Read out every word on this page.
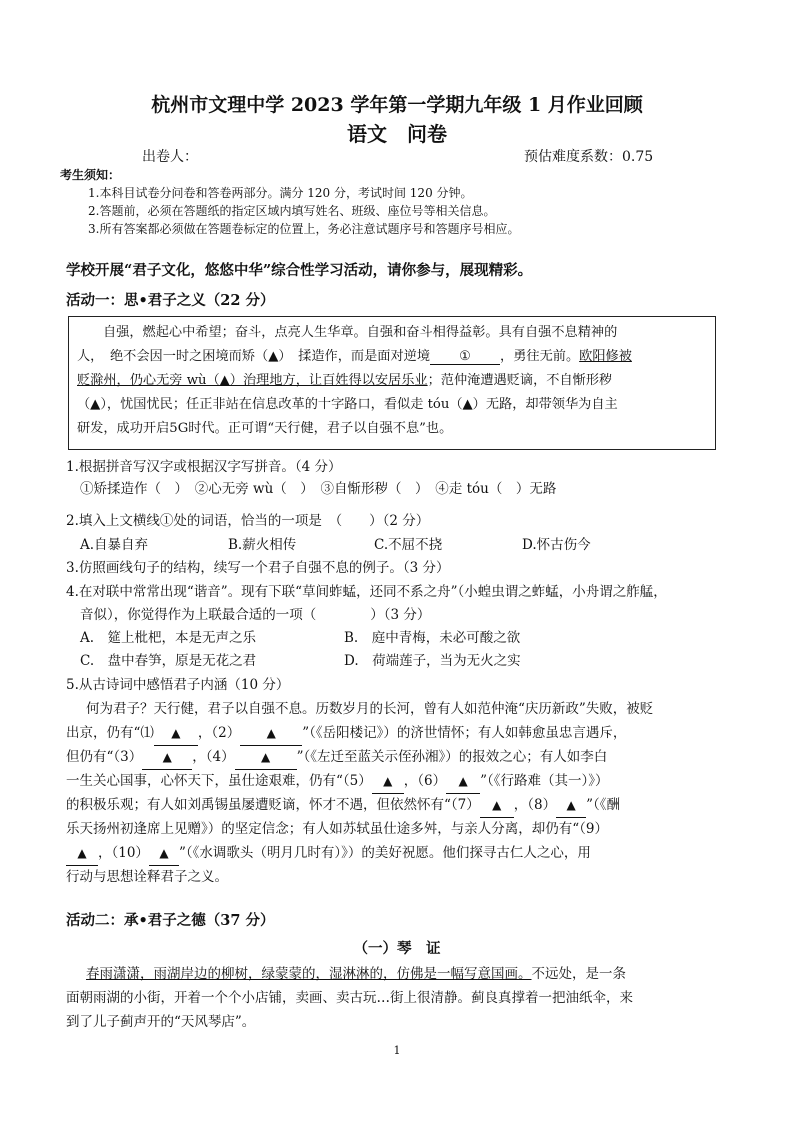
杭州市文理中学 2023 学年第一学期九年级 1 月作业回顾
语文　问卷
出卷人：	预估难度系数：0.75
考生须知：
1.本科目试卷分问卷和答卷两部分。满分 120 分，考试时间 120 分钟。
2.答题前，必须在答题纸的指定区域内填写姓名、班级、座位号等相关信息。
3.所有答案都必须做在答题卷标定的位置上，务必注意试题序号和答题序号相应。
学校开展“君子文化，悠悠中华”综合性学习活动，请你参与，展现精彩。
活动一：思•君子之义（22 分）
自强，燃起心中希望；奋斗，点亮人生华章。自强和奋斗相得益彰。具有自强不息精神的
人，　绝不会因一时之困境而矫（▲）　揉造作，而是面对逆境 ① ，勇往无前。欧阳修被
贬滁州，仍心无旁 wù（▲）治理地方，让百姓得以安居乐业；范仲淹遭遇贬谪，不自惭形秽
（▲），忧国忧民；任正非站在信息改革的十字路口，看似走 tóu（▲）无路，却带领华为自主
研发，成功开启5G时代。正可谓“天行健，君子以自强不息”也。
1.根据拼音写汉字或根据汉字写拼音。（4 分）
①矫揉造作（　）　②心无旁 wù（　）　③自惭形秽（　）　④走 tóu（　）无路
2.填入上文横线①处的词语，恰当的一项是　（　　）（2 分）
A.自暴自弃	B.薪火相传	C.不屈不挠	D.怀古伤今
3.仿照画线句子的结构，续写一个君子自强不息的例子。（3 分）
4.在对联中常常出现“谐音”。现有下联“草间蚱蜢，还同不系之舟”（小蝗虫谓之蚱蜢，小舟谓之舴艋，
音似），你觉得作为上联最合适的一项（　　　　）（3 分）
A.　筵上枇杷，本是无声之乐	B.　庭中青梅，未必可酸之欲
C.　盘中春笋，原是无花之君	D.　荷端莲子，当为无火之实
5.从古诗词中感悟君子内涵（10 分）
何为君子？天行健，君子以自强不息。历数岁月的长河，曾有人如范仲淹“庆历新政”失败，被贬
出京，仍有“⑴ ▲ ，（2） ▲ ”（《岳阳楼记》）的济世情怀；有人如韩愈虽忠言遇斥，
但仍有“（3） ▲ ，（4） ▲ ”（《左迁至蓝关示侄孙湘》）的报效之心；有人如李白
一生关心国事，心怀天下，虽仕途艰难，仍有“（5） ▲ ，（6） ▲ ”（《行路难（其一）》）
的积极乐观；有人如刘禹锡虽屡遭贬谪，怀才不遇，但依然怀有“（7） ▲ ，（8） ▲ ”（《酬
乐天扬州初逢席上见赠》）的坚定信念；有人如苏轼虽仕途多舛，与亲人分离，却仍有“（9）
▲ ，（10） ▲ ”（《水调歌头（明月几时有）》）的美好祝愿。他们探寻古仁人之心，用
行动与思想诠释君子之义。
活动二：承•君子之德（37 分）
（一）琴　证
春雨潇潇，雨湖岸边的柳树，绿蒙蒙的，湿淋淋的，仿佛是一幅写意国画。不远处，是一条
面朝雨湖的小街，开着一个个小店铺，卖画、卖古玩…街上很清静。蓟良真撑着一把油纸伞，来
到了儿子蓟声开的“天风琴店”。
1
